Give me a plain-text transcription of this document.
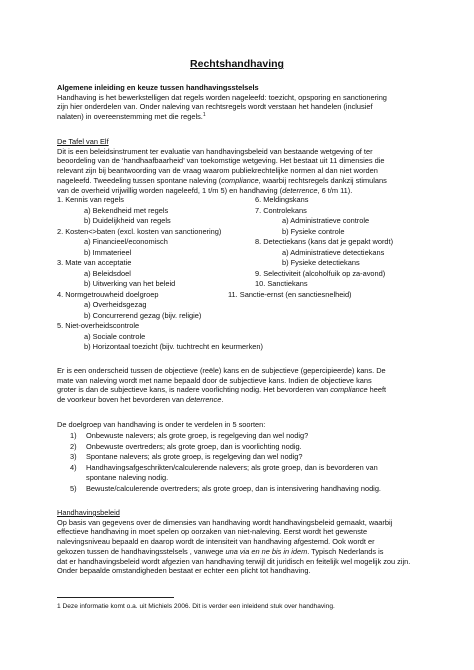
Rechtshandhaving
Algemene inleiding en keuze tussen handhavingsstelsels
Handhaving is het bewerkstelligen dat regels worden nageleefd: toezicht, opsporing en sanctionering
zijn hier onderdelen van. Onder naleving van rechtsregels wordt verstaan het handelen (inclusief
nalaten) in overeenstemming met die regels.$^1$
De Tafel van Elf
Dit is een beleidsinstrument ter evaluatie van handhavingsbeleid van bestaande wetgeving of ter
beoordeling van de ‘handhaafbaarheid’ van toekomstige wetgeving. Het bestaat uit 11 dimensies die
relevant zijn bij beantwoording van de vraag waarom publiekrechtelijke normen al dan niet worden
nageleefd. Tweedeling tussen spontane naleving (compliance, waarbij rechtsregels dankzij stimulans
van de overheid vrijwillig worden nageleefd, 1 t/m 5) en handhaving (deterrence, 6 t/m 11).
1. Kennis van regels
a) Bekendheid met regels
b) Duidelijkheid van regels
2. Kosten<>baten (excl. kosten van sanctionering)
a) Financieel/economisch
b) Immaterieel
3. Mate van acceptatie
a) Beleidsdoel
b) Uitwerking van het beleid
4. Normgetrouwheid doelgroep
a) Overheidsgezag
b) Concurrerend gezag (bijv. religie)
5. Niet-overheidscontrole
a) Sociale controle
b) Horizontaal toezicht (bijv. tuchtrecht en keurmerken)
6. Meldingskans
7. Controlekans
a) Administratieve controle
b) Fysieke controle
8. Detectiekans (kans dat je gepakt wordt)
a) Administratieve detectiekans
b) Fysieke detectiekans
9. Selectiviteit (alcoholfuik op za-avond)
10. Sanctiekans
11. Sanctie-ernst (en sanctiesnelheid)
Er is een onderscheid tussen de objectieve (reële) kans en de subjectieve (gepercipieerde) kans. De
mate van naleving wordt met name bepaald door de subjectieve kans. Indien de objectieve kans
groter is dan de subjectieve kans, is nadere voorlichting nodig. Het bevorderen van compliance heeft
de voorkeur boven het bevorderen van deterrence.
De doelgroep van handhaving is onder te verdelen in 5 soorten:
1) Onbewuste nalevers; als grote groep, is regelgeving dan wel nodig?
2) Onbewuste overtreders; als grote groep, dan is voorlichting nodig.
3) Spontane nalevers; als grote groep, is regelgeving dan wel nodig?
4) Handhavingsafgeschrikten/calculerende nalevers; als grote groep, dan is bevorderen van
spontane naleving nodig.
5) Bewuste/calculerende overtreders; als grote groep, dan is intensivering handhaving nodig.
Handhavingsbeleid
Op basis van gegevens over de dimensies van handhaving wordt handhavingsbeleid gemaakt, waarbij
effectieve handhaving in moet spelen op oorzaken van niet-naleving. Eerst wordt het gewenste
nalevingsniveau bepaald en daarop wordt de intensiteit van handhaving afgestemd. Ook wordt er
gekozen tussen de handhavingsstelsels , vanwege una via en ne bis in idem. Typisch Nederlands is
dat er handhavingsbeleid wordt afgezien van handhaving terwijl dit juridisch en feitelijk wel mogelijk zou zijn.
Onder bepaalde omstandigheden bestaat er echter een plicht tot handhaving.
1 Deze informatie komt o.a. uit Michiels 2006. Dit is verder een inleidend stuk over handhaving.
